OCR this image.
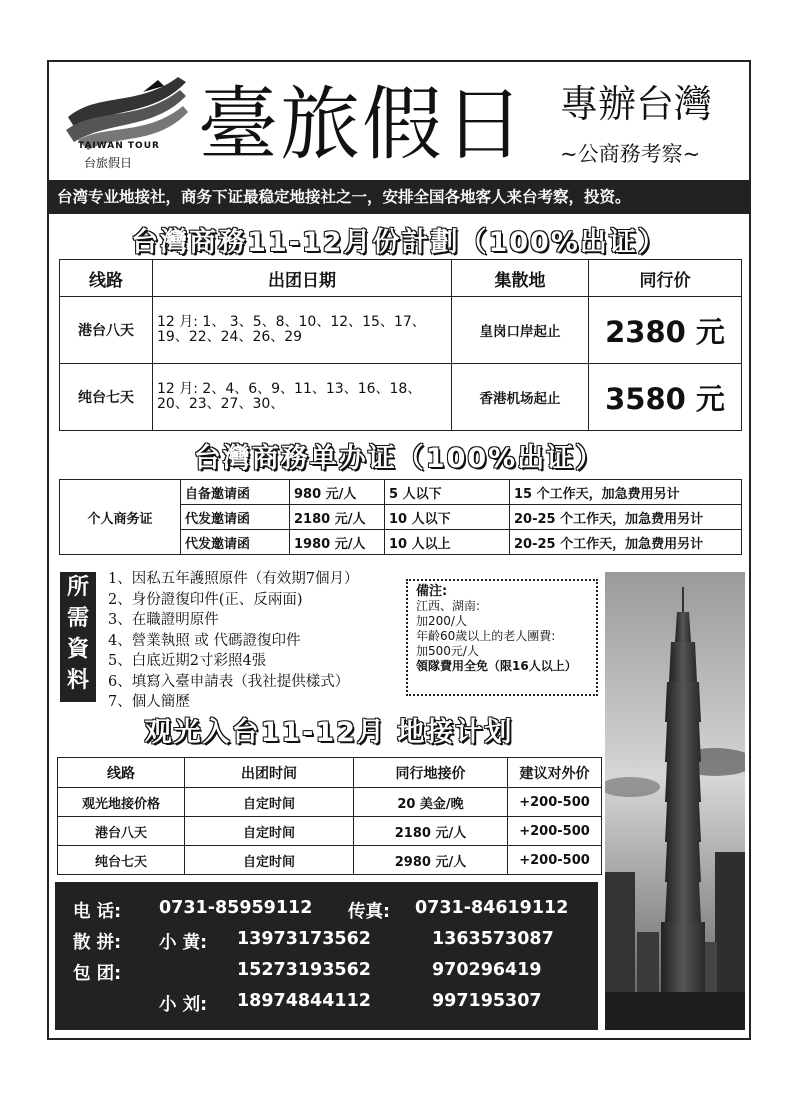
TAIWAN TOUR
台旅假日 臺旅假日 專辦台灣
~公商務考察~
台湾专业地接社，商务下证最稳定地接社之一，安排全国各地客人来台考察，投资。
台灣商務11-12月份計劃（100%出证）
线路	出团日期	集散地	同行价
港台八天	12 月: 1、 3、5、8、10、12、15、17、19、22、24、26、29	皇岗口岸起止	2380 元
纯台七天	12 月: 2、4、6、9、11、13、16、18、20、23、27、30、	香港机场起止	3580 元
台灣商務单办证（100%出证）
个人商务证	自备邀请函	980 元/人	5 人以下	15 个工作天，加急费用另计
	代发邀请函	2180 元/人	10 人以下	20-25 个工作天，加急费用另计
	代发邀请函	1980 元/人	10 人以上	20-25 个工作天，加急费用另计
所
需
資
料
1、因私五年護照原件（有效期7個月）
2、身份證復印件(正、反兩面)
3、在職證明原件
4、營業執照 或 代碼證復印件
5、白底近期2寸彩照4張
6、填寫入臺申請表（我社提供樣式）
7、個人簡歷
備注:
江西、湖南:
加200/人
年齡60歲以上的老人團費:
加500元/人
領隊費用全免（限16人以上）
观光入台11-12月 地接计划
线路	出团时间	同行地接价	建议对外价
观光地接价格	自定时间	20 美金/晚	+200-500
港台八天	自定时间	2180 元/人	+200-500
纯台七天	自定时间	2980 元/人	+200-500
电 话: 0731-85959112 传真: 0731-84619112
散 拼: 小 黄: 13973173562	1363573087
包 团:	15273193562	970296419
小 刘: 18974844112	997195307
